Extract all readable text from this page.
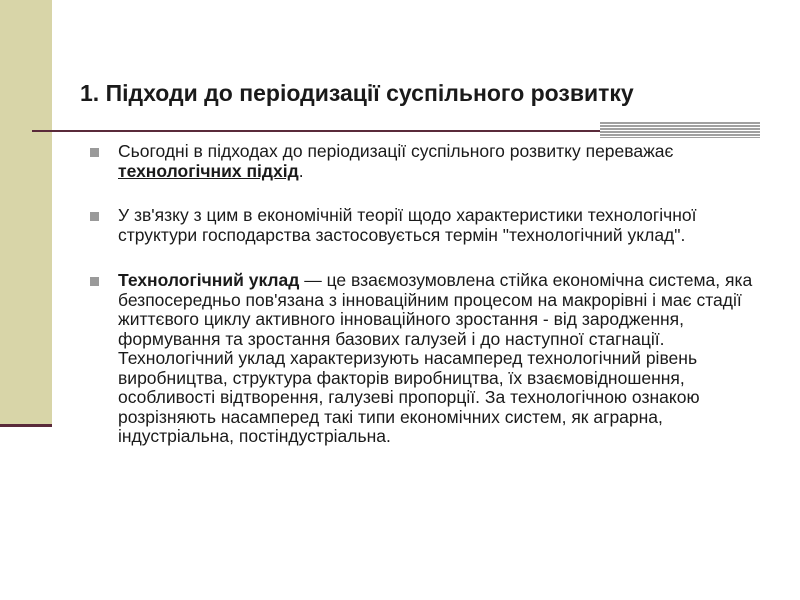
1. Підходи до періодизації суспільного розвитку
Сьогодні в підходах до періодизації суспільного розвитку переважає технологічних підхід.
У зв'язку з цим в економічній теорії щодо характеристики технологічної структури господарства застосовується термін "технологічний уклад".
Технологічний уклад — це взаємозумовлена стійка економічна система, яка безпосередньо пов'язана з інноваційним процесом на макрорівні і має стадії життєвого циклу активного інноваційного зростання - від зародження, формування та зростання базових галузей і до наступної стагнації. Технологічний уклад характеризують насамперед технологічний рівень виробництва, структура факторів виробництва, їх взаємовідношення, особливості відтворення, галузеві пропорції. За технологічною ознакою розрізняють насамперед такі типи економічних систем, як аграрна, індустріальна, постіндустріальна.
